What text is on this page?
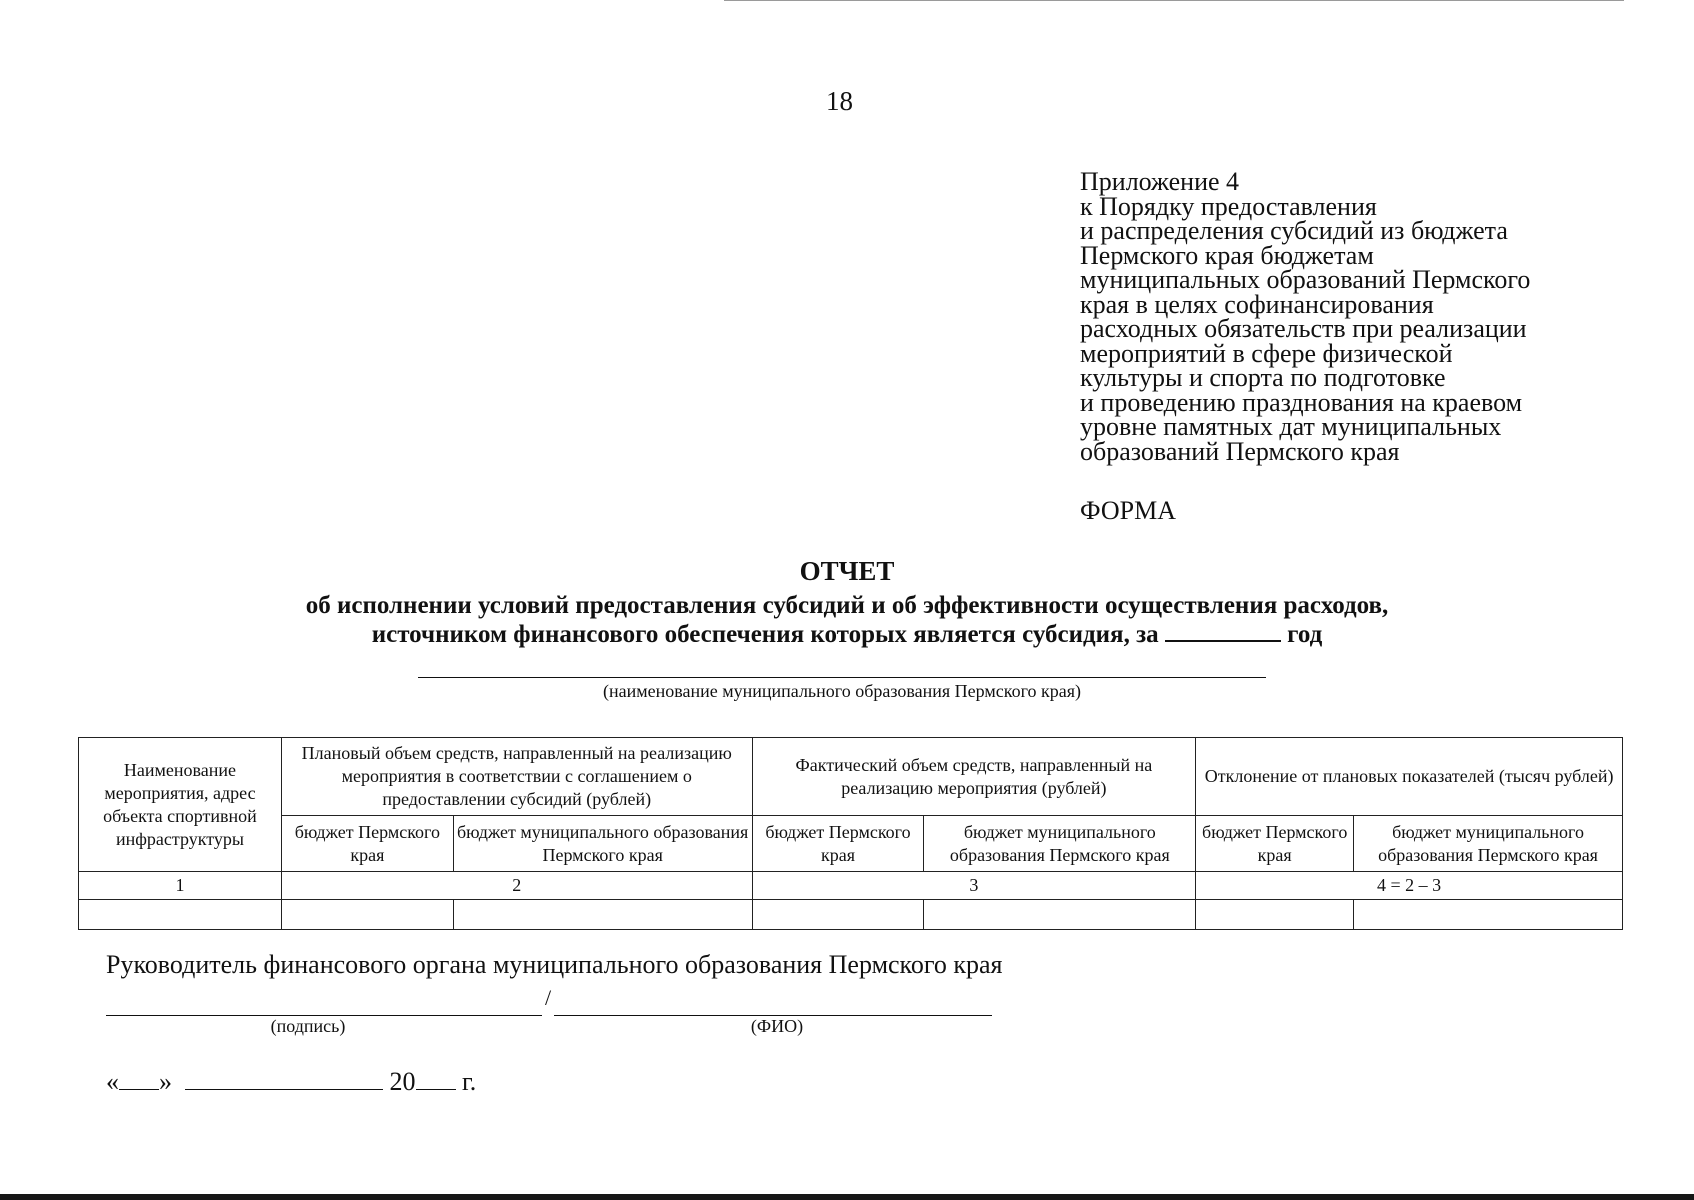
18
Приложение 4
к Порядку предоставления
и распределения субсидий из бюджета
Пермского края бюджетам
муниципальных образований Пермского
края в целях софинансирования
расходных обязательств при реализации
мероприятий в сфере физической
культуры и спорта по подготовке
и проведению празднования на краевом
уровне памятных дат муниципальных
образований Пермского края
ФОРМА
ОТЧЕТ
об исполнении условий предоставления субсидий и об эффективности осуществления расходов,
источником финансового обеспечения которых является субсидия, за	год
(наименование муниципального образования Пермского края)
Наименование мероприятия, адрес объекта спортивной инфраструктуры	Плановый объем средств, направленный на реализацию мероприятия в соответствии с соглашением о предоставлении субсидий (рублей)		Фактический объем средств, направленный на реализацию мероприятия (рублей)		Отклонение от плановых показателей (тысяч рублей)	
	бюджет Пермского края	бюджет муниципального образования Пермского края	бюджет Пермского края	бюджет муниципального образования Пермского края	бюджет Пермского края	бюджет муниципального образования Пермского края
1	2		3		4 = 2 – 3	

Руководитель финансового органа муниципального образования Пермского края
/
(подпись)	(ФИО)
« »	20 г.
